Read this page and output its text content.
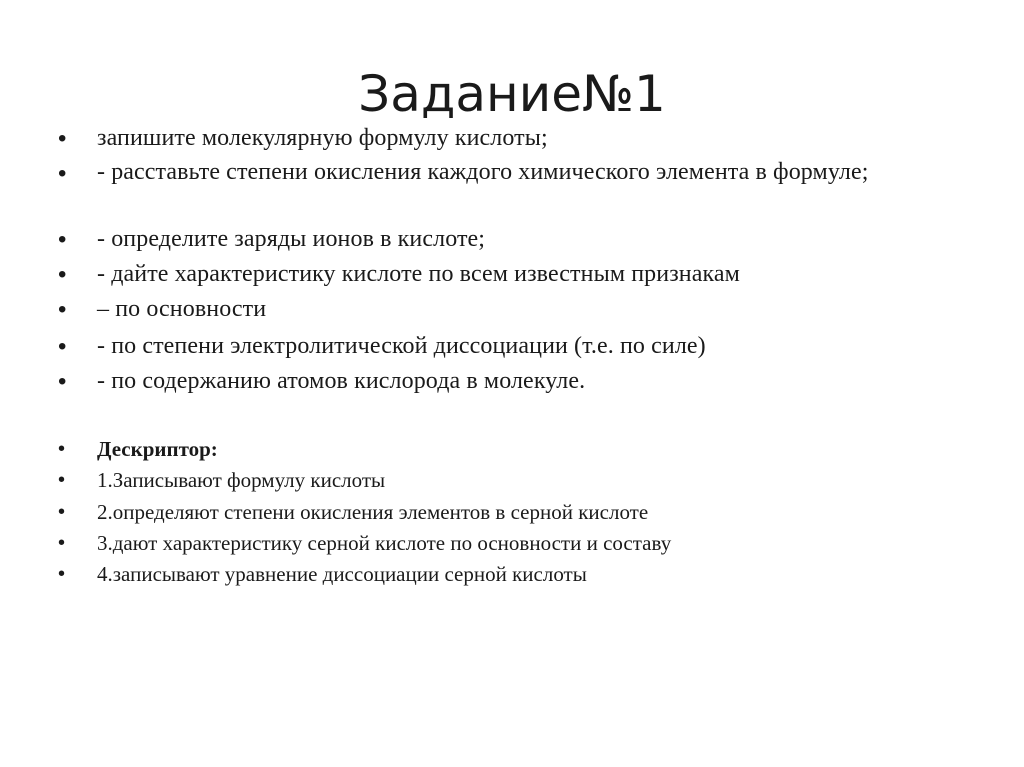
Задание№1
•	запишите молекулярную формулу кислоты;
•	- расставьте степени окисления каждого химического элемента в формуле;
•	- определите заряды ионов в кислоте;
•	- дайте характеристику кислоте по всем известным признакам
•	– по основности
•	- по степени электролитической диссоциации (т.е. по силе)
•	- по содержанию атомов кислорода в молекуле.
•	Дескриптор:
•	1.Записывают формулу кислоты
•	2.определяют степени окисления элементов в серной кислоте
•	3.дают характеристику серной кислоте по основности и составу
•	4.записывают уравнение диссоциации серной кислоты
